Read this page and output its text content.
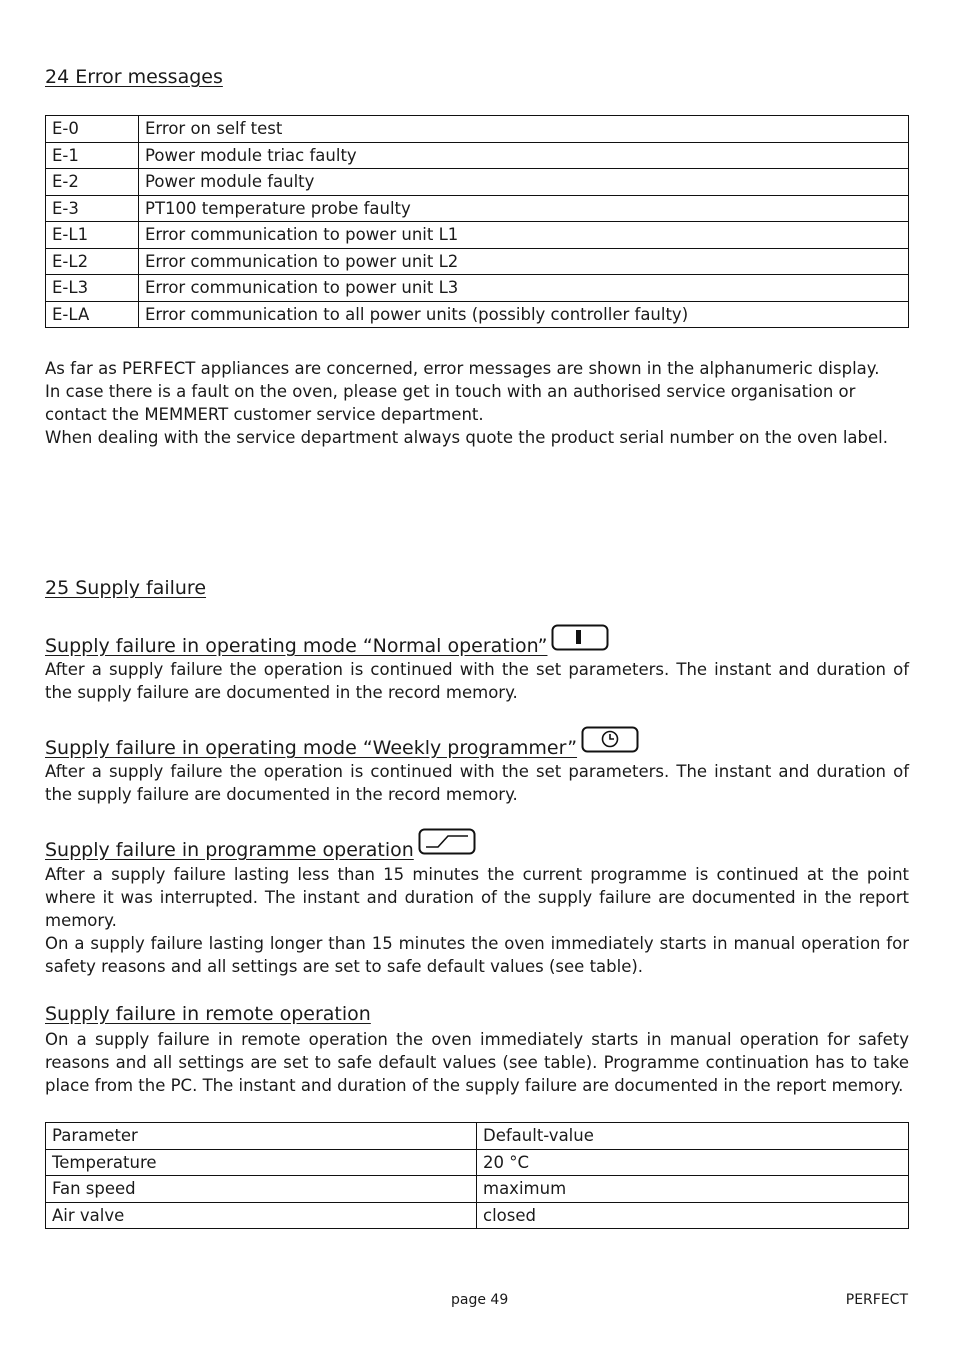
24 Error messages
E-0	Error on self test
E-1	Power module triac faulty
E-2	Power module faulty
E-3	PT100 temperature probe faulty
E-L1	Error communication to power unit L1
E-L2	Error communication to power unit L2
E-L3	Error communication to power unit L3
E-LA	Error communication to all power units (possibly controller faulty)

As far as PERFECT appliances are concerned, error messages are shown in the alphanumeric display.

In case there is a fault on the oven, please get in touch with an authorised service organisation or contact the MEMMERT customer service department.

When dealing with the service department always quote the product serial number on the oven label.

25 Supply failure
Supply failure in operating mode “Normal operation”
After a supply failure the operation is continued with the set parameters. The instant and duration of the supply failure are documented in the record memory.
Supply failure in operating mode “Weekly programmer”
After a supply failure the operation is continued with the set parameters. The instant and duration of the supply failure are documented in the record memory.
Supply failure in programme operation
After a supply failure lasting less than 15 minutes the current programme is continued at the point where it was interrupted. The instant and duration of the supply failure are documented in the report memory.
On a supply failure lasting longer than 15 minutes the oven immediately starts in manual operation for safety reasons and all settings are set to safe default values (see table).
Supply failure in remote operation
On a supply failure in remote operation the oven immediately starts in manual operation for safety reasons and all settings are set to safe default values (see table). Programme continuation has to take place from the PC. The instant and duration of the supply failure are documented in the report memory.
Parameter	Default-value
Temperature	20 °C
Fan speed	maximum
Air valve	closed
page 49	PERFECT
